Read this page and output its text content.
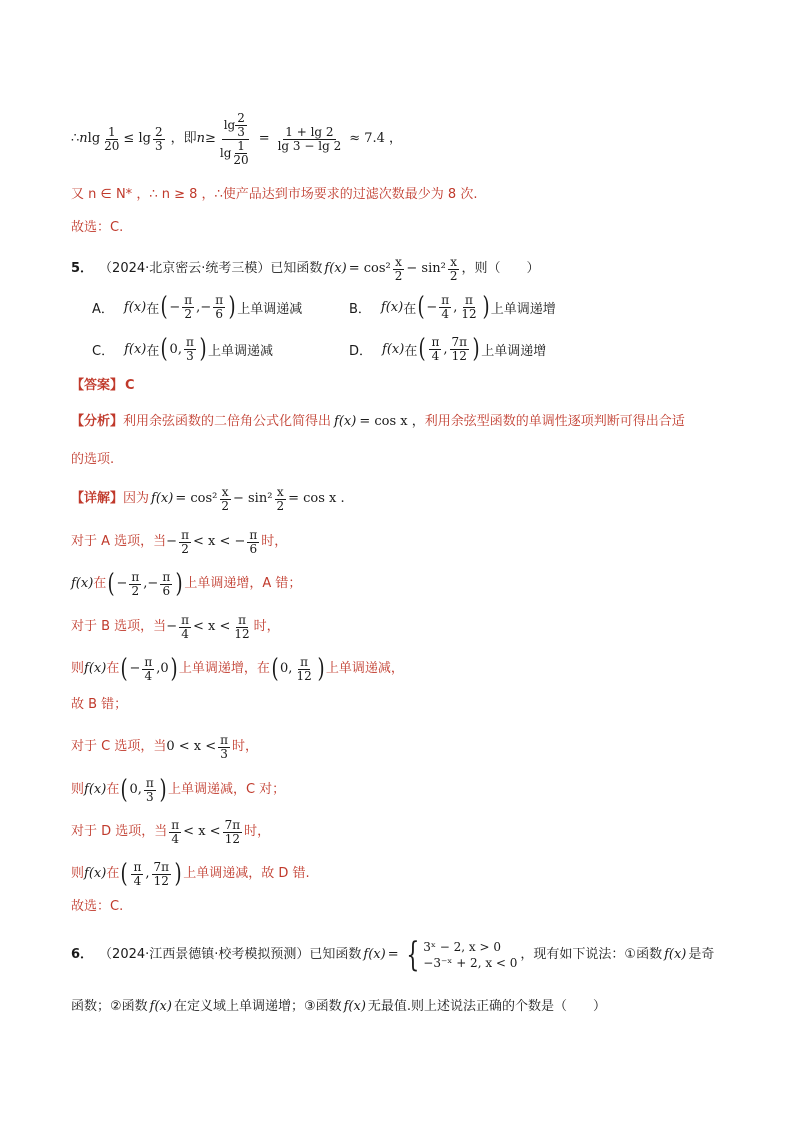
∴ n $\lg \frac{1}{20} \le \lg \frac{2}{3}$ ，即 $n \ge \frac{\lg \frac{2}{3}}{\lg \frac{1}{20}} = \frac{1 + \lg 2}{\lg 3 - \lg 2} \approx 7.4$ ，
又 n ∈ N* ，∴ n ≥ 8 ，∴使产品达到市场要求的过滤次数最少为 8 次.
故选：C.
5． （2024·北京密云·统考三模） 已知函数 $f(x) = \cos^2 \frac{x}{2} - \sin^2 \frac{x}{2}$ ，则（　　）
A． f(x) 在 ( − $\frac{\pi}{2}$ , − $\frac{\pi}{6}$ ) 上单调递减	B． f(x) 在 ( − $\frac{\pi}{4}$ , $\frac{\pi}{12}$ ) 上单调递增
C． f(x) 在 ( 0 , $\frac{\pi}{3}$ ) 上单调递减	D． f(x) 在 ( $\frac{\pi}{4}$ , $\frac{7\pi}{12}$ ) 上单调递增
【答案】 C
【分析】 利用余弦函数的二倍角公式化简得出 f(x) = cos x ， 利用余弦型函数的单调性逐项判断可得出合适
的选项.
【详解】 因为 $f(x) = \cos^2 \frac{x}{2} - \sin^2 \frac{x}{2} = \cos x$ .
对于 A 选项，当 − $\frac{\pi}{2} < x$ < − $\frac{\pi}{6}$ 时，
f(x) 在 ( − $\frac{\pi}{2}$ , − $\frac{\pi}{6}$ ) 上单调递增，A 错；
对于 B 选项，当 − $\frac{\pi}{4} < x < \frac{\pi}{12}$ 时，
则 f(x) 在 ( − $\frac{\pi}{4} ,0$ ) 上单调递增，在 ( 0 , $\frac{\pi}{12}$ ) 上单调递减，
故 B 错；
对于 C 选项，当 $0 < x < \frac{\pi}{3}$ 时，
则 f(x) 在 ( 0 , $\frac{\pi}{3}$ ) 上单调递减，C 对；
对于 D 选项，当 $\frac{\pi}{4} < x < \frac{7\pi}{12}$ 时，
则 f(x) 在 ( $\frac{\pi}{4}$ , $\frac{7\pi}{12}$ ) 上单调递减，故 D 错.
故选：C.
6． （2024·江西景德镇·校考模拟预测） 已知函数 f(x) = { 3ˣ − 2, x > 0
−3⁻ˣ + 2, x < 0
，现有如下说法：①函数 f(x) 是奇
函数；②函数 f(x) 在定义域上单调递增；③函数 f(x) 无最值.则上述说法正确的个数是（　　）
